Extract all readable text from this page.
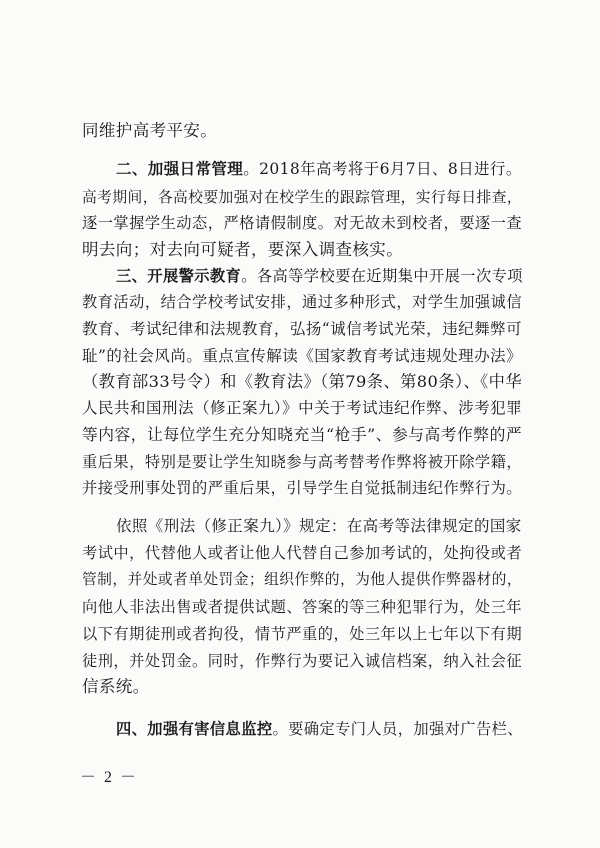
同维护高考平安。
二、加强日常管理。2018年高考将于6月7日、8日进行。
高考期间，各高校要加强对在校学生的跟踪管理，实行每日排查，
逐一掌握学生动态，严格请假制度。对无故未到校者，要逐一查
明去向；对去向可疑者，要深入调查核实。
三、开展警示教育。各高等学校要在近期集中开展一次专项
教育活动，结合学校考试安排，通过多种形式，对学生加强诚信
教育、考试纪律和法规教育，弘扬“诚信考试光荣，违纪舞弊可
耻”的社会风尚。重点宣传解读《国家教育考试违规处理办法》
（教育部33号令）和《教育法》（第79条、第80条）、《中华
人民共和国刑法（修正案九）》中关于考试违纪作弊、涉考犯罪
等内容，让每位学生充分知晓充当“枪手”、参与高考作弊的严
重后果，特别是要让学生知晓参与高考替考作弊将被开除学籍，
并接受刑事处罚的严重后果，引导学生自觉抵制违纪作弊行为。
依照《刑法（修正案九）》规定：在高考等法律规定的国家
考试中，代替他人或者让他人代替自己参加考试的，处拘役或者
管制，并处或者单处罚金；组织作弊的，为他人提供作弊器材的，
向他人非法出售或者提供试题、答案的等三种犯罪行为，处三年
以下有期徒刑或者拘役，情节严重的，处三年以上七年以下有期
徒刑，并处罚金。同时，作弊行为要记入诚信档案，纳入社会征
信系统。
四、加强有害信息监控。要确定专门人员，加强对广告栏、
－ 2 －
